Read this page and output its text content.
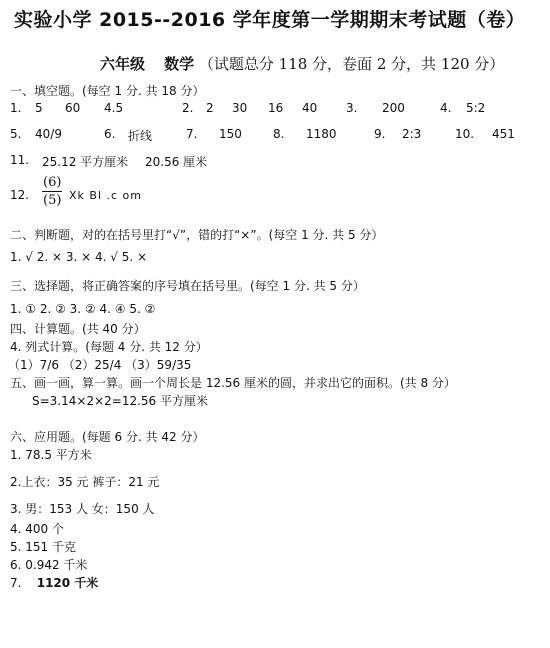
实验小学 2015--2016 学年度第一学期期末考试题（卷）
六年级 数学 （试题总分 118 分，卷面 2 分，共 120 分）
一、填空题。(每空 1 分. 共 18 分）
1. 5 60 4.5	2. 2 30 16 40 3. 200	4. 5:2
5. 40/9	6. 折线	7. 150	8. 1180	9. 2:3	10. 451
11. 25.12 平方厘米 20.56 厘米
12.
(6)
(5) Xk Bl .c om
二、判断题，对的在括号里打“√”，错的打“×”。(每空 1 分. 共 5 分）
1. √ 2. × 3. × 4. √ 5. ×
三、选择题，将正确答案的序号填在括号里。(每空 1 分. 共 5 分）
1. ① 2. ② 3. ② 4. ④ 5. ②
四、计算题。(共 40 分）
4. 列式计算。(每题 4 分. 共 12 分）
（1）7/6 （2）25/4 （3）59/35
五、画一画，算一算。画一个周长是 12.56 厘米的圆，并求出它的面积。(共 8 分）
S=3.14×2×2=12.56 平方厘米
六、应用题。(每题 6 分. 共 42 分）
1. 78.5 平方米
2.上衣：35 元 裤子：21 元
3. 男：153 人 女：150 人
4. 400 个
5. 151 千克
6. 0.942 千米
7. 1120 千米
